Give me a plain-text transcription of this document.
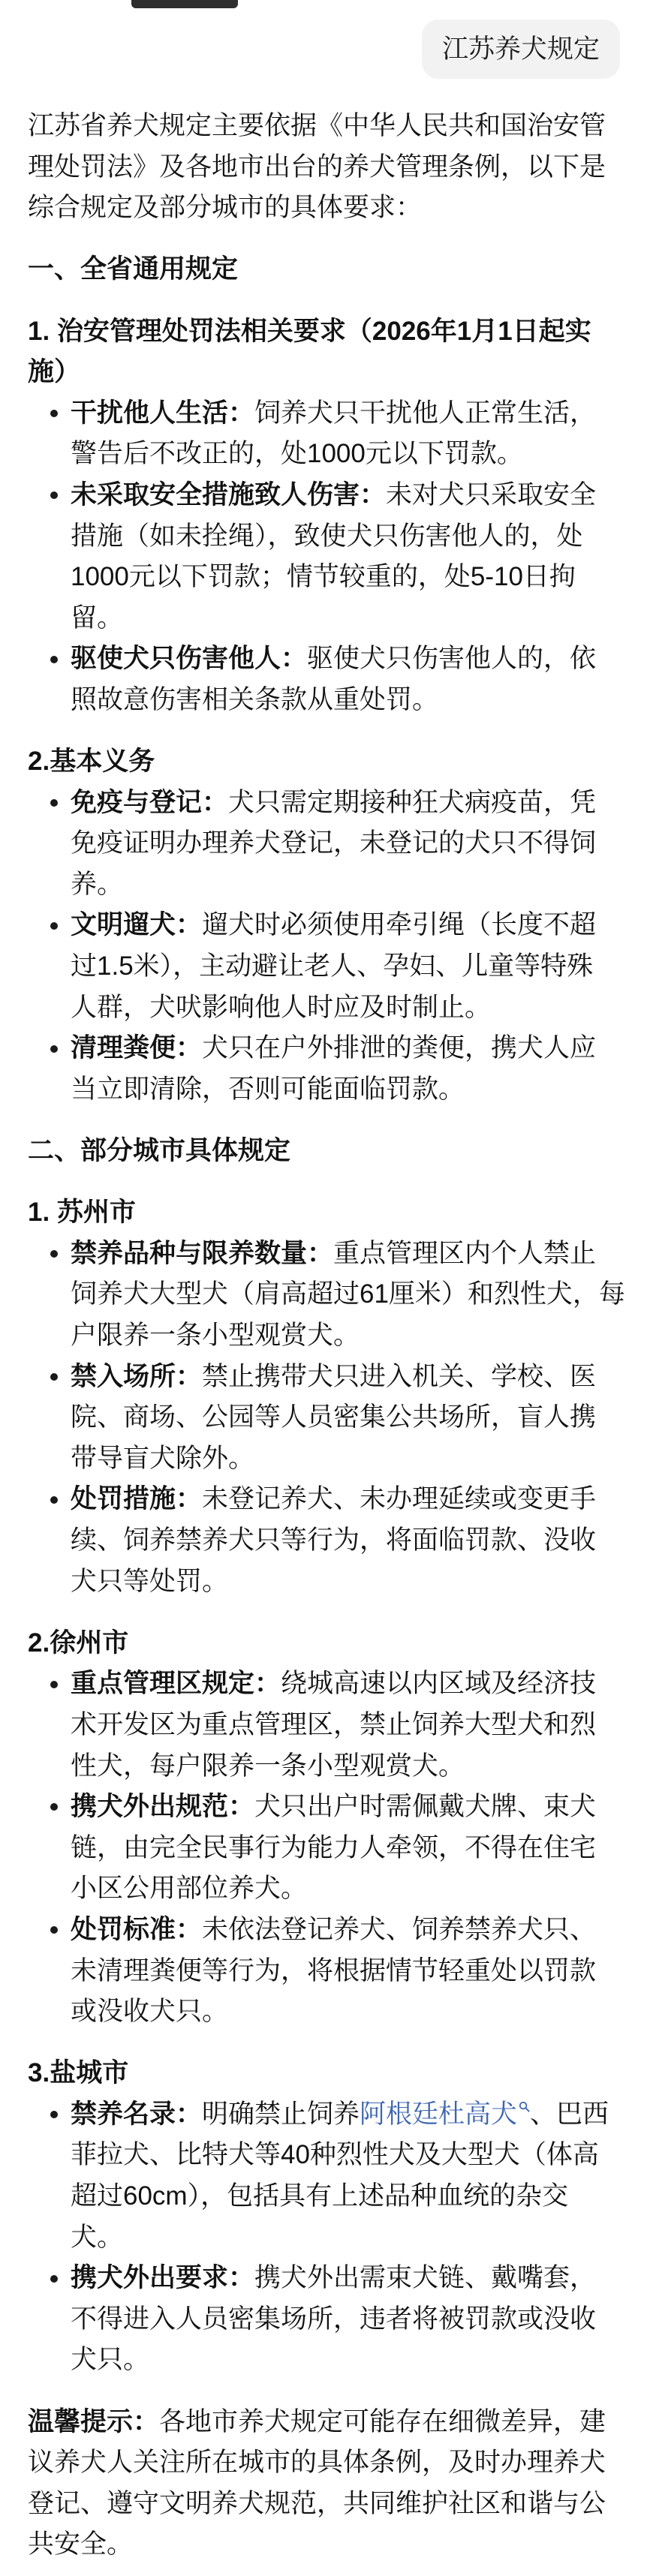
江苏养犬规定
江苏省养犬规定主要依据《中华人民共和国治安管
理处罚法》及各地市出台的养犬管理条例，以下是
综合规定及部分城市的具体要求：
一、全省通用规定
1. 治安管理处罚法相关要求（2026年1月1日起实
施）
干扰他人生活：饲养犬只干扰他人正常生活，
警告后不改正的，处1000元以下罚款。
未采取安全措施致人伤害：未对犬只采取安全
措施（如未拴绳），致使犬只伤害他人的，处
1000元以下罚款；情节较重的，处5-10日拘
留。
驱使犬只伤害他人：驱使犬只伤害他人的，依
照故意伤害相关条款从重处罚。
2.基本义务
免疫与登记：犬只需定期接种狂犬病疫苗，凭
免疫证明办理养犬登记，未登记的犬只不得饲
养。
文明遛犬：遛犬时必须使用牵引绳（长度不超
过1.5米），主动避让老人、孕妇、儿童等特殊
人群，犬吠影响他人时应及时制止。
清理粪便：犬只在户外排泄的粪便，携犬人应
当立即清除，否则可能面临罚款。
二、部分城市具体规定
1. 苏州市
禁养品种与限养数量：重点管理区内个人禁止
饲养犬大型犬（肩高超过61厘米）和烈性犬，每
户限养一条小型观赏犬。
禁入场所：禁止携带犬只进入机关、学校、医
院、商场、公园等人员密集公共场所，盲人携
带导盲犬除外。
处罚措施：未登记养犬、未办理延续或变更手
续、饲养禁养犬只等行为，将面临罚款、没收
犬只等处罚。
2.徐州市
重点管理区规定：绕城高速以内区域及经济技
术开发区为重点管理区，禁止饲养大型犬和烈
性犬，每户限养一条小型观赏犬。
携犬外出规范：犬只出户时需佩戴犬牌、束犬
链，由完全民事行为能力人牵领，不得在住宅
小区公用部位养犬。
处罚标准：未依法登记养犬、饲养禁养犬只、
未清理粪便等行为，将根据情节轻重处以罚款
或没收犬只。
3.盐城市
禁养名录：明确禁止饲养阿根廷杜高犬 、巴西
菲拉犬、比特犬等40种烈性犬及大型犬（体高
超过60cm），包括具有上述品种血统的杂交
犬。
携犬外出要求：携犬外出需束犬链、戴嘴套，
不得进入人员密集场所，违者将被罚款或没收
犬只。
温馨提示：各地市养犬规定可能存在细微差异，建
议养犬人关注所在城市的具体条例，及时办理养犬
登记、遵守文明养犬规范，共同维护社区和谐与公
共安全。
